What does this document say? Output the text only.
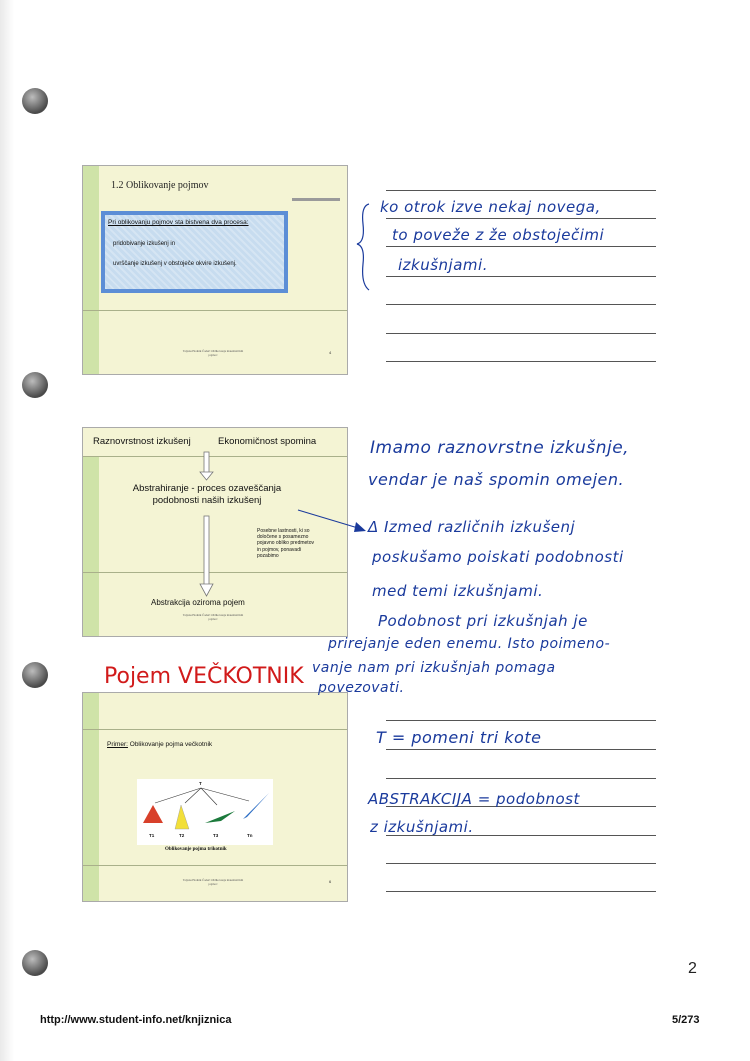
1.2 Oblikovanje pojmov
Pri oblikovanju pojmov sta bistvena dva procesa:
pridobivanje izkušenj in
uvrščanje izkušenj v obstoječe okvire izkušenj.
Tatjana Hodnik Čadež: Oblikovanje matematičnih pojmov	4
Raznovrstnost izkušenj	Ekonomičnost spomina
Abstrahiranje - proces ozaveščanja podobnosti naših izkušenj
Posebne lastnosti, ki so določene s posamezno pojavno obliko predmetov in pojmov, ponavadi pozabimo
Abstrakcija oziroma pojem
Tatjana Hodnik Čadež: Oblikovanje matematičnih pojmov
Primer: Oblikovanje pojma večkotnik
T
T1	T2	T3	Tn
Oblikovanje pojma trikotnik
Tatjana Hodnik Čadež: Oblikovanje matematičnih pojmov	6
ko otrok izve nekaj novega,
to poveže z že obstoječimi
izkušnjami.
Imamo raznovrstne izkušnje,
vendar je naš spomin omejen.
Δ Izmed različnih izkušenj
poskušamo poiskati podobnosti
med temi izkušnjami.
Podobnost pri izkušnjah je
prirejanje eden enemu. Isto poimeno-
vanje nam pri izkušnjah pomaga
povezovati.
Pojem VEČKOTNIK
T = pomeni tri kote
ABSTRAKCIJA = podobnost
z izkušnjami.
2
http://www.student-info.net/knjiznica	5/273
